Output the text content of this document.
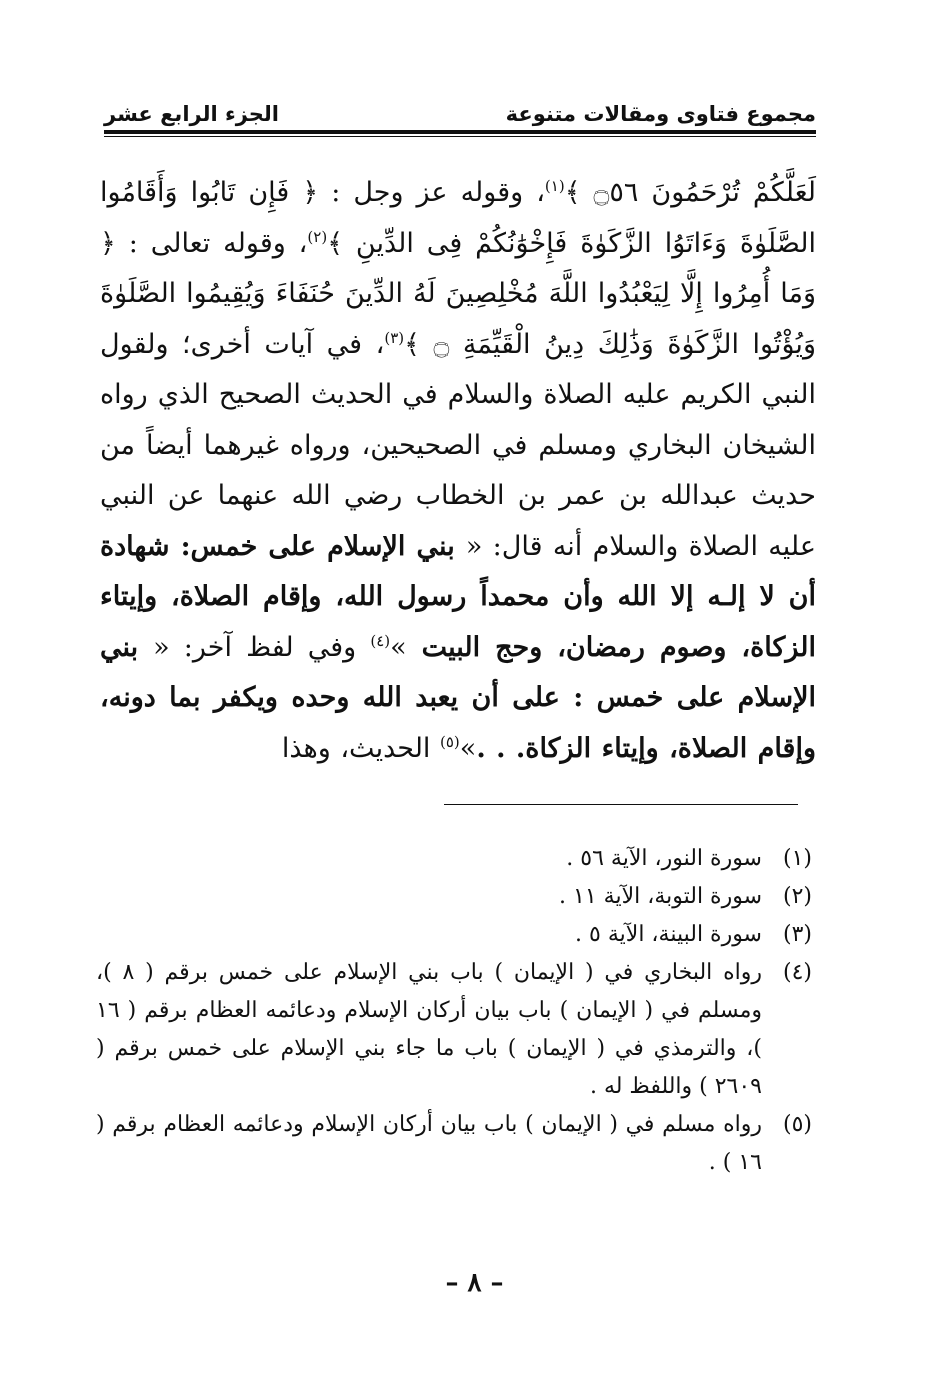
مجموع فتاوى ومقالات متنوعة
الجزء الرابع عشر
لَعَلَّكُمْ تُرْحَمُونَ ۝٥٦ ﴾$^{(١)}$، وقوله عز وجل : ﴿ فَإِن تَابُوا وَأَقَامُوا الصَّلَوٰةَ وَءَاتَوُا الزَّكَوٰةَ فَإِخْوَٰنُكُمْ فِى الدِّينِ ﴾$^{(٢)}$، وقوله تعالى : ﴿ وَمَا أُمِرُوا إِلَّا لِيَعْبُدُوا اللَّهَ مُخْلِصِينَ لَهُ الدِّينَ حُنَفَاءَ وَيُقِيمُوا الصَّلَوٰةَ وَيُؤْتُوا الزَّكَوٰةَ وَذَٰلِكَ دِينُ الْقَيِّمَةِ ۝ ﴾$^{(٣)}$، في آيات أخرى؛ ولقول النبي الكريم عليه الصلاة والسلام في الحديث الصحيح الذي رواه الشيخان البخاري ومسلم في الصحيحين، ورواه غيرهما أيضاً من حديث عبدالله بن عمر بن الخطاب رضي الله عنهما عن النبي عليه الصلاة والسلام أنه قال: « بني الإسلام على خمس: شهادة أن لا إلـه إلا الله وأن محمداً رسول الله، وإقام الصلاة، وإيتاء الزكاة، وصوم رمضان، وحج البيت »$^{(٤)}$ وفي لفظ آخر: « بني الإسلام على خمس : على أن يعبد الله وحده ويكفر بما دونه، وإقام الصلاة، وإيتاء الزكاة. . .»$^{(٥)}$ الحديث، وهذا
(١)
سورة النور، الآية ٥٦ .
(٢)
سورة التوبة، الآية ١١ .
(٣)
سورة البينة، الآية ٥ .
(٤)
رواه البخاري في ( الإيمان ) باب بني الإسلام على خمس برقم ( ٨ )، ومسلم في ( الإيمان ) باب بيان أركان الإسلام ودعائمه العظام برقم ( ١٦ )، والترمذي في ( الإيمان ) باب ما جاء بني الإسلام على خمس برقم ( ٢٦٠٩ ) واللفظ له .
(٥)
رواه مسلم في ( الإيمان ) باب بيان أركان الإسلام ودعائمه العظام برقم ( ١٦ ) .
– ٨ –
